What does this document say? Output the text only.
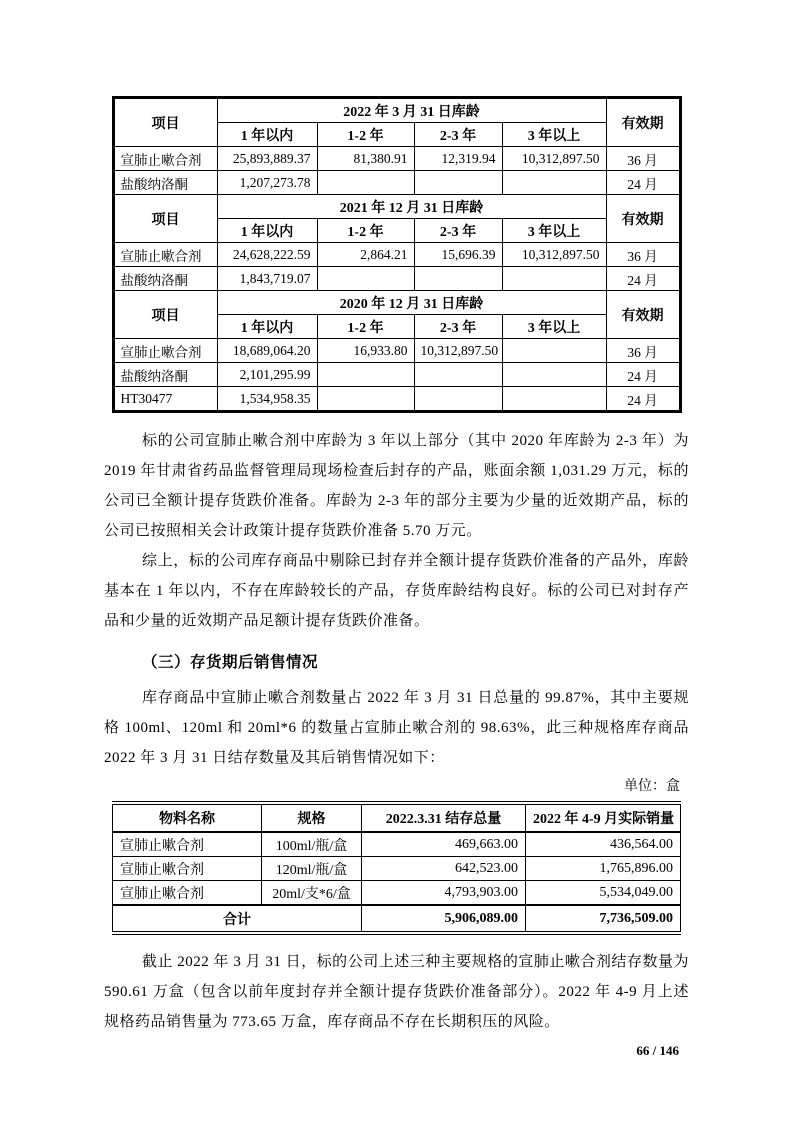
项目	2022 年 3 月 31 日库龄				有效期
	1 年以内	1-2 年	2-3 年	3 年以上	
宣肺止嗽合剂	25,893,889.37	81,380.91	12,319.94	10,312,897.50	36 月
盐酸纳洛酮	1,207,273.78				24 月
项目	2021 年 12 月 31 日库龄				有效期
	1 年以内	1-2 年	2-3 年	3 年以上	
宣肺止嗽合剂	24,628,222.59	2,864.21	15,696.39	10,312,897.50	36 月
盐酸纳洛酮	1,843,719.07				24 月
项目	2020 年 12 月 31 日库龄				有效期
	1 年以内	1-2 年	2-3 年	3 年以上	
宣肺止嗽合剂	18,689,064.20	16,933.80	10,312,897.50		36 月
盐酸纳洛酮	2,101,295.99				24 月
HT30477	1,534,958.35				24 月

标的公司宣肺止嗽合剂中库龄为 3 年以上部分（其中 2020 年库龄为 2-3 年）为 2019 年甘肃省药品监督管理局现场检查后封存的产品，账面余额 1,031.29 万元，标的公司已全额计提存货跌价准备。库龄为 2-3 年的部分主要为少量的近效期产品，标的公司已按照相关会计政策计提存货跌价准备 5.70 万元。

综上，标的公司库存商品中剔除已封存并全额计提存货跌价准备的产品外，库龄基本在 1 年以内，不存在库龄较长的产品，存货库龄结构良好。标的公司已对封存产品和少量的近效期产品足额计提存货跌价准备。

（三）存货期后销售情况

库存商品中宣肺止嗽合剂数量占 2022 年 3 月 31 日总量的 99.87%，其中主要规格 100ml、120ml 和 20ml*6 的数量占宣肺止嗽合剂的 98.63%，此三种规格库存商品 2022 年 3 月 31 日结存数量及其后销售情况如下：

单位：盒
物料名称	规格	2022.3.31 结存总量	2022 年 4-9 月实际销量
宣肺止嗽合剂	100ml/瓶/盒	469,663.00	436,564.00
宣肺止嗽合剂	120ml/瓶/盒	642,523.00	1,765,896.00
宣肺止嗽合剂	20ml/支*6/盒	4,793,903.00	5,534,049.00
合计		5,906,089.00	7,736,509.00

截止 2022 年 3 月 31 日，标的公司上述三种主要规格的宣肺止嗽合剂结存数量为 590.61 万盒（包含以前年度封存并全额计提存货跌价准备部分）。2022 年 4-9 月上述规格药品销售量为 773.65 万盒，库存商品不存在长期积压的风险。

66 / 146
